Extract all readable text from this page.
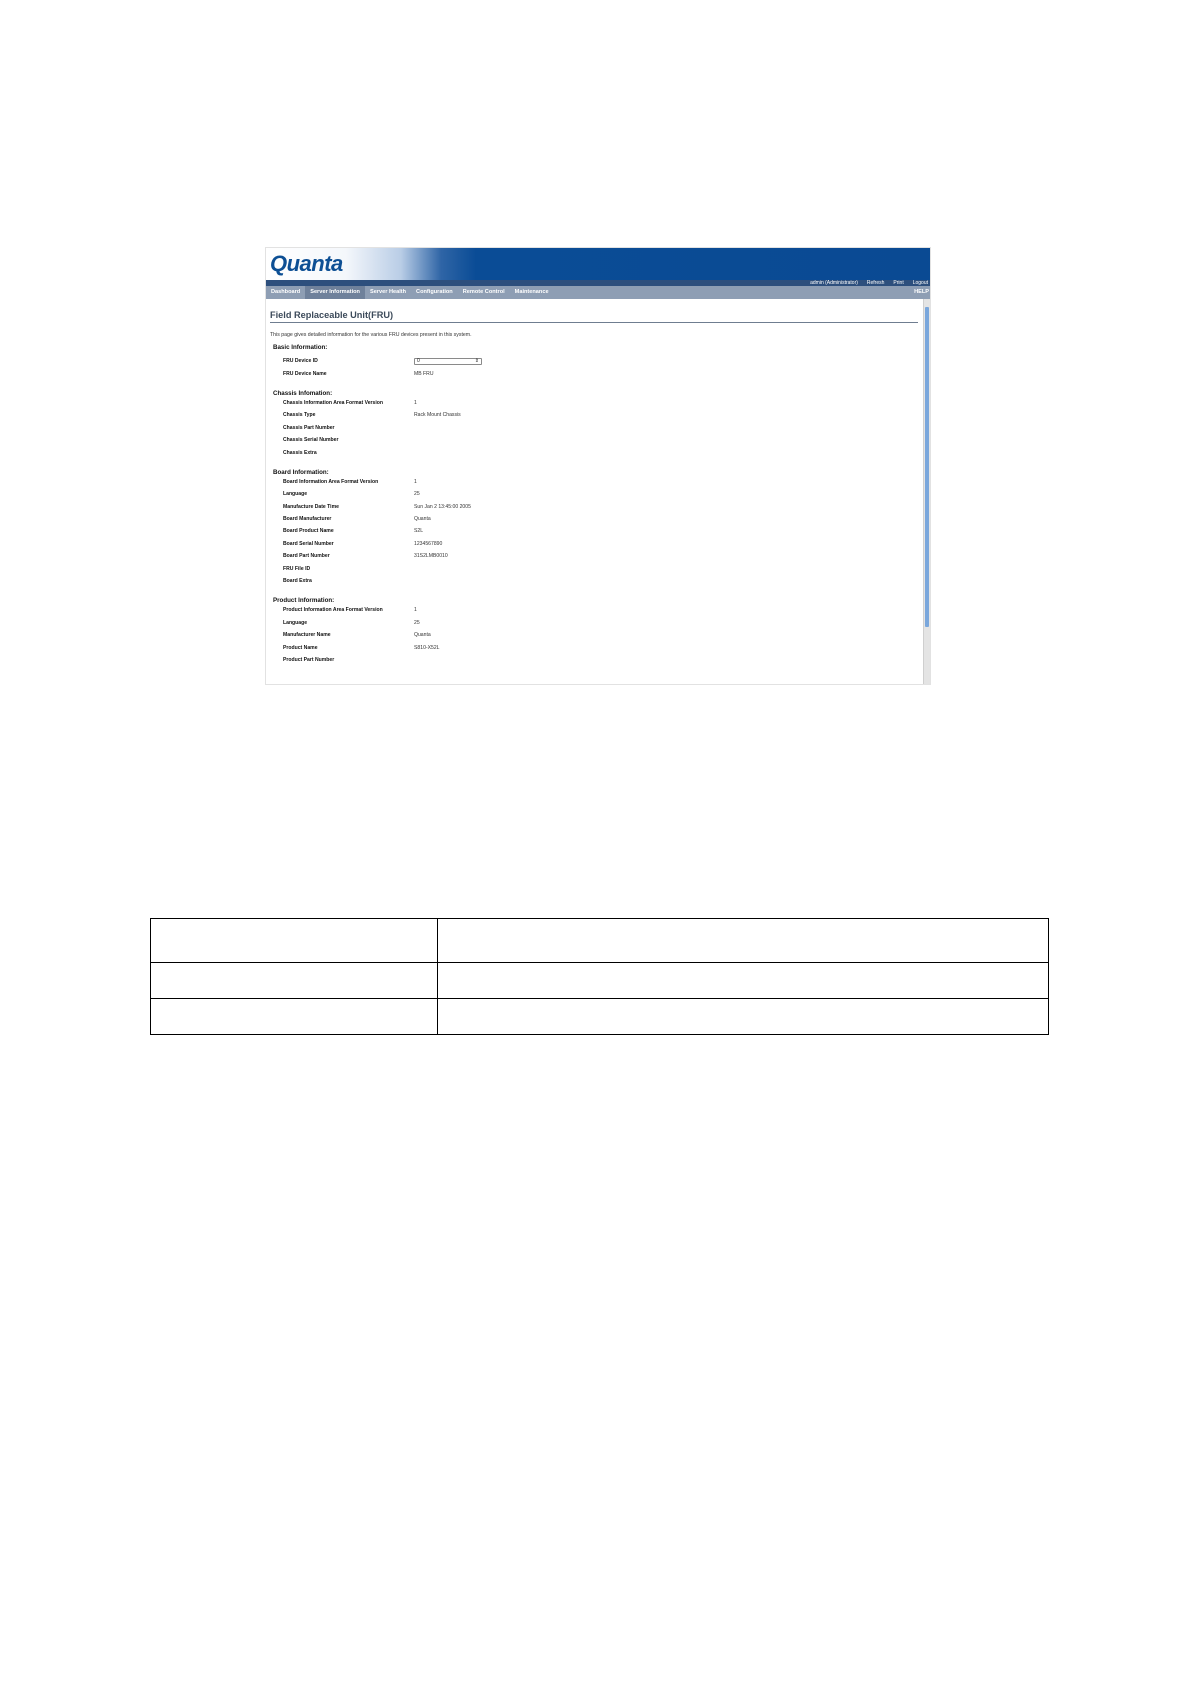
Quanta
admin (Administrator) Refresh Print Logout
Dashboard	Server Information	Server Health	Configuration	Remote Control	Maintenance	HELP
Field Replaceable Unit(FRU)
This page gives detailed information for the various FRU devices present in this system.
Basic Information:
FRU Device ID	0	⇕
FRU Device Name	MB FRU
Chassis Infomation:
Chassis Information Area Format Version	1
Chassis Type	Rack Mount Chassis
Chassis Part Number
Chassis Serial Number
Chassis Extra
Board Information:
Board Information Area Format Version	1
Language	25
Manufacture Date Time	Sun Jan 2 13:45:00 2005
Board Manufacturer	Quanta
Board Product Name	S2L
Board Serial Number	1234567890
Board Part Number	31S2LMB0010
FRU File ID
Board Extra
Product Information:
Product Information Area Format Version	1
Language	25
Manufacturer Name	Quanta
Product Name	S810-X52L
Product Part Number
